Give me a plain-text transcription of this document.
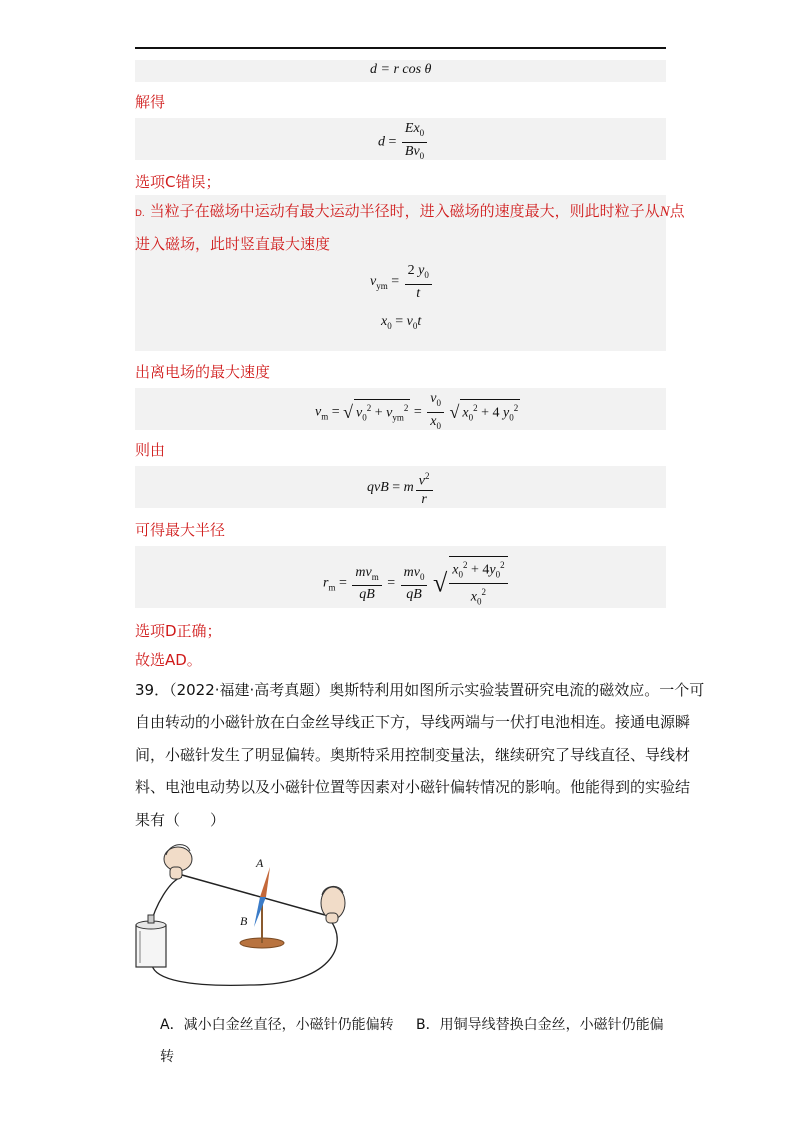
d = r cos θ
解得
$d = \frac{Ex_0}{Bv_0}$
选项C错误；
D. 当粒子在磁场中运动有最大运动半径时，进入磁场的速度最大，则此时粒子从N点
进入磁场，此时竖直最大速度
$v_{ym} = \frac{2 y_0}{t}$
$x_0 = v_0t$
出离电场的最大速度
$v_m$ = √ $v_0^2 + v_{ym}^2 = \frac{v_0}{x_0}$ √ $x_0^2 + 4$ $y_0^2$
则由
qvB = m $\frac{v^2}{r}$
可得最大半径
$r_m = \frac{mv_m}{qB} = \frac{mv_0}{qB}$ √ $\frac{x_0^2 + 4y_0^2}{x_0^2}$
选项D正确；
故选AD。
39．（2022·福建·高考真题）奥斯特利用如图所示实验装置研究电流的磁效应。一个可
自由转动的小磁针放在白金丝导线正下方，导线两端与一伏打电池相连。接通电源瞬
间，小磁针发生了明显偏转。奥斯特采用控制变量法，继续研究了导线直径、导线材
料、电池电动势以及小磁针位置等因素对小磁针偏转情况的影响。他能得到的实验结
果有（　　）
A
B
A．减小白金丝直径，小磁针仍能偏转 B．用铜导线替换白金丝，小磁针仍能偏
转
